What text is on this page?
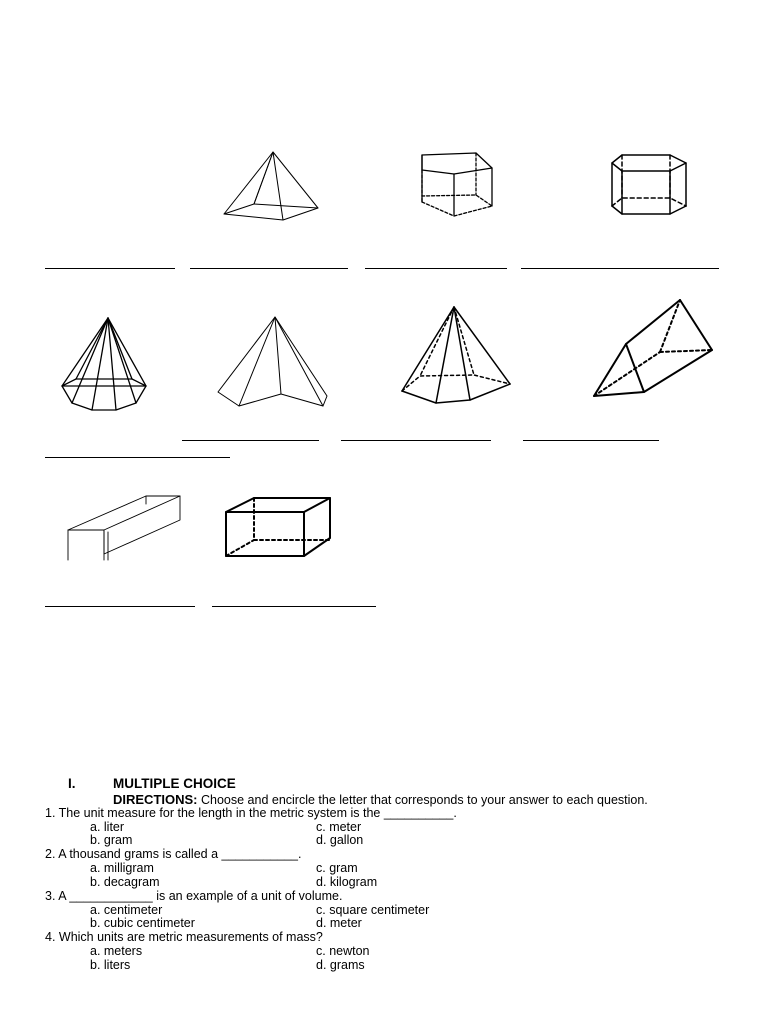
I.	MULTIPLE CHOICE
DIRECTIONS: Choose and encircle the letter that corresponds to your answer to each question.
1. The unit measure for the length in the metric system is the __________.
a. liter	c. meter
b. gram	d. gallon
2. A thousand grams is called a ___________.
a. milligram	c. gram
b. decagram	d. kilogram
3. A ____________ is an example of a unit of volume.
a. centimeter	c. square centimeter
b. cubic centimeter	d. meter
4. Which units are metric measurements of mass?
a. meters	c. newton
b. liters	d. grams
